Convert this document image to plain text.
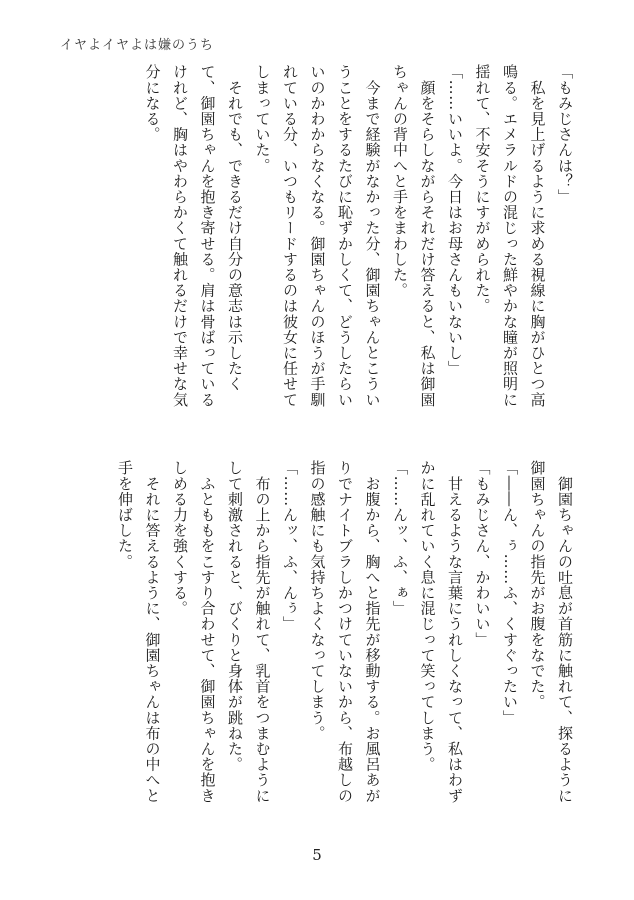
イヤよイヤよは嫌のうち

「もみじさんは？」

　私を見上げるように求める視線に胸がひとつ高

鳴る。エメラルドの混じった鮮やかな瞳が照明に

揺れて、不安そうにすがめられた。

「……いいよ。今日はお母さんもいないし」

　顔をそらしながらそれだけ答えると、私は御園

ちゃんの背中へと手をまわした。

　今まで経験がなかった分、御園ちゃんとこうい

うことをするたびに恥ずかしくて、どうしたらい

いのかわからなくなる。御園ちゃんのほうが手馴

れている分、いつもリードするのは彼女に任せて

しまっていた。

　それでも、できるだけ自分の意志は示したく

て、御園ちゃんを抱き寄せる。肩は骨ばっている

けれど、胸はやわらかくて触れるだけで幸せな気

分になる。

　御園ちゃんの吐息が首筋に触れて、探るように

御園ちゃんの指先がお腹をなでた。

「――ん、ぅ……ふ、くすぐったい」

「もみじさん、かわいい」

　甘えるような言葉にうれしくなって、私はわず

かに乱れていく息に混じって笑ってしまう。

「……んッ、ふ、ぁ」

　お腹から、胸へと指先が移動する。お風呂あが

りでナイトブラしかつけていないから、布越しの

指の感触にも気持ちよくなってしまう。

「……んッ、ふ、んぅ」

　布の上から指先が触れて、乳首をつまむように

して刺激されると、びくりと身体が跳ねた。

　ふとももをこすり合わせて、御園ちゃんを抱き

しめる力を強くする。

　それに答えるように、御園ちゃんは布の中へと

手を伸ばした。

5
